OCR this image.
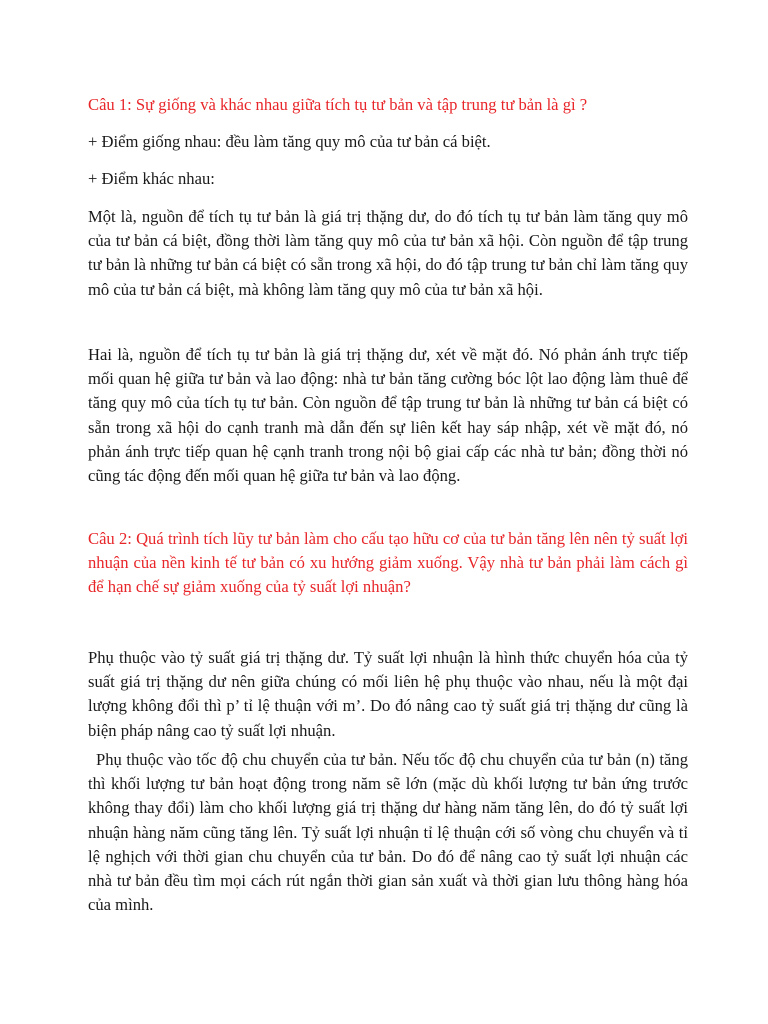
Câu 1: Sự giống và khác nhau giữa tích tụ tư bản và tập trung tư bản là gì ?

+ Điểm giống nhau: đều làm tăng quy mô của tư bản cá biệt.

+ Điểm khác nhau:

Một là, nguồn để tích tụ tư bản là giá trị thặng dư, do đó tích tụ tư bản làm tăng quy mô của tư bản cá biệt, đồng thời làm tăng quy mô của tư bản xã hội. Còn nguồn để tập trung tư bản là những tư bản cá biệt có sẵn trong xã hội, do đó tập trung tư bản chỉ làm tăng quy mô của tư bản cá biệt, mà không làm tăng quy mô của tư bản xã hội.

Hai là, nguồn để tích tụ tư bản là giá trị thặng dư, xét về mặt đó. Nó phản ánh trực tiếp mối quan hệ giữa tư bản và lao động: nhà tư bản tăng cường bóc lột lao động làm thuê để tăng quy mô của tích tụ tư bản. Còn nguồn để tập trung tư bản là những tư bản cá biệt có sẵn trong xã hội do cạnh tranh mà dẫn đến sự liên kết hay sáp nhập, xét về mặt đó, nó phản ánh trực tiếp quan hệ cạnh tranh trong nội bộ giai cấp các nhà tư bản; đồng thời nó cũng tác động đến mối quan hệ giữa tư bản và lao động.

Câu 2: Quá trình tích lũy tư bản làm cho cấu tạo hữu cơ của tư bản tăng lên nên tỷ suất lợi nhuận của nền kinh tế tư bản có xu hướng giảm xuống. Vậy nhà tư bản phải làm cách gì để hạn chế sự giảm xuống của tỷ suất lợi nhuận?

Phụ thuộc vào tỷ suất giá trị thặng dư. Tỷ suất lợi nhuận là hình thức chuyển hóa của tỷ suất giá trị thặng dư nên giữa chúng có mối liên hệ phụ thuộc vào nhau, nếu là một đại lượng không đổi thì p’ tỉ lệ thuận với m’. Do đó nâng cao tỷ suất giá trị thặng dư cũng là biện pháp nâng cao tỷ suất lợi nhuận.

Phụ thuộc vào tốc độ chu chuyển của tư bản. Nếu tốc độ chu chuyển của tư bản (n) tăng thì khối lượng tư bản hoạt động trong năm sẽ lớn (mặc dù khối lượng tư bản ứng trước không thay đổi) làm cho khối lượng giá trị thặng dư hàng năm tăng lên, do đó tỷ suất lợi nhuận hàng năm cũng tăng lên. Tỷ suất lợi nhuận tỉ lệ thuận cới số vòng chu chuyển và tỉ lệ nghịch với thời gian chu chuyển của tư bản. Do đó để nâng cao tỷ suất lợi nhuận các nhà tư bản đều tìm mọi cách rút ngắn thời gian sản xuất và thời gian lưu thông hàng hóa của mình.
